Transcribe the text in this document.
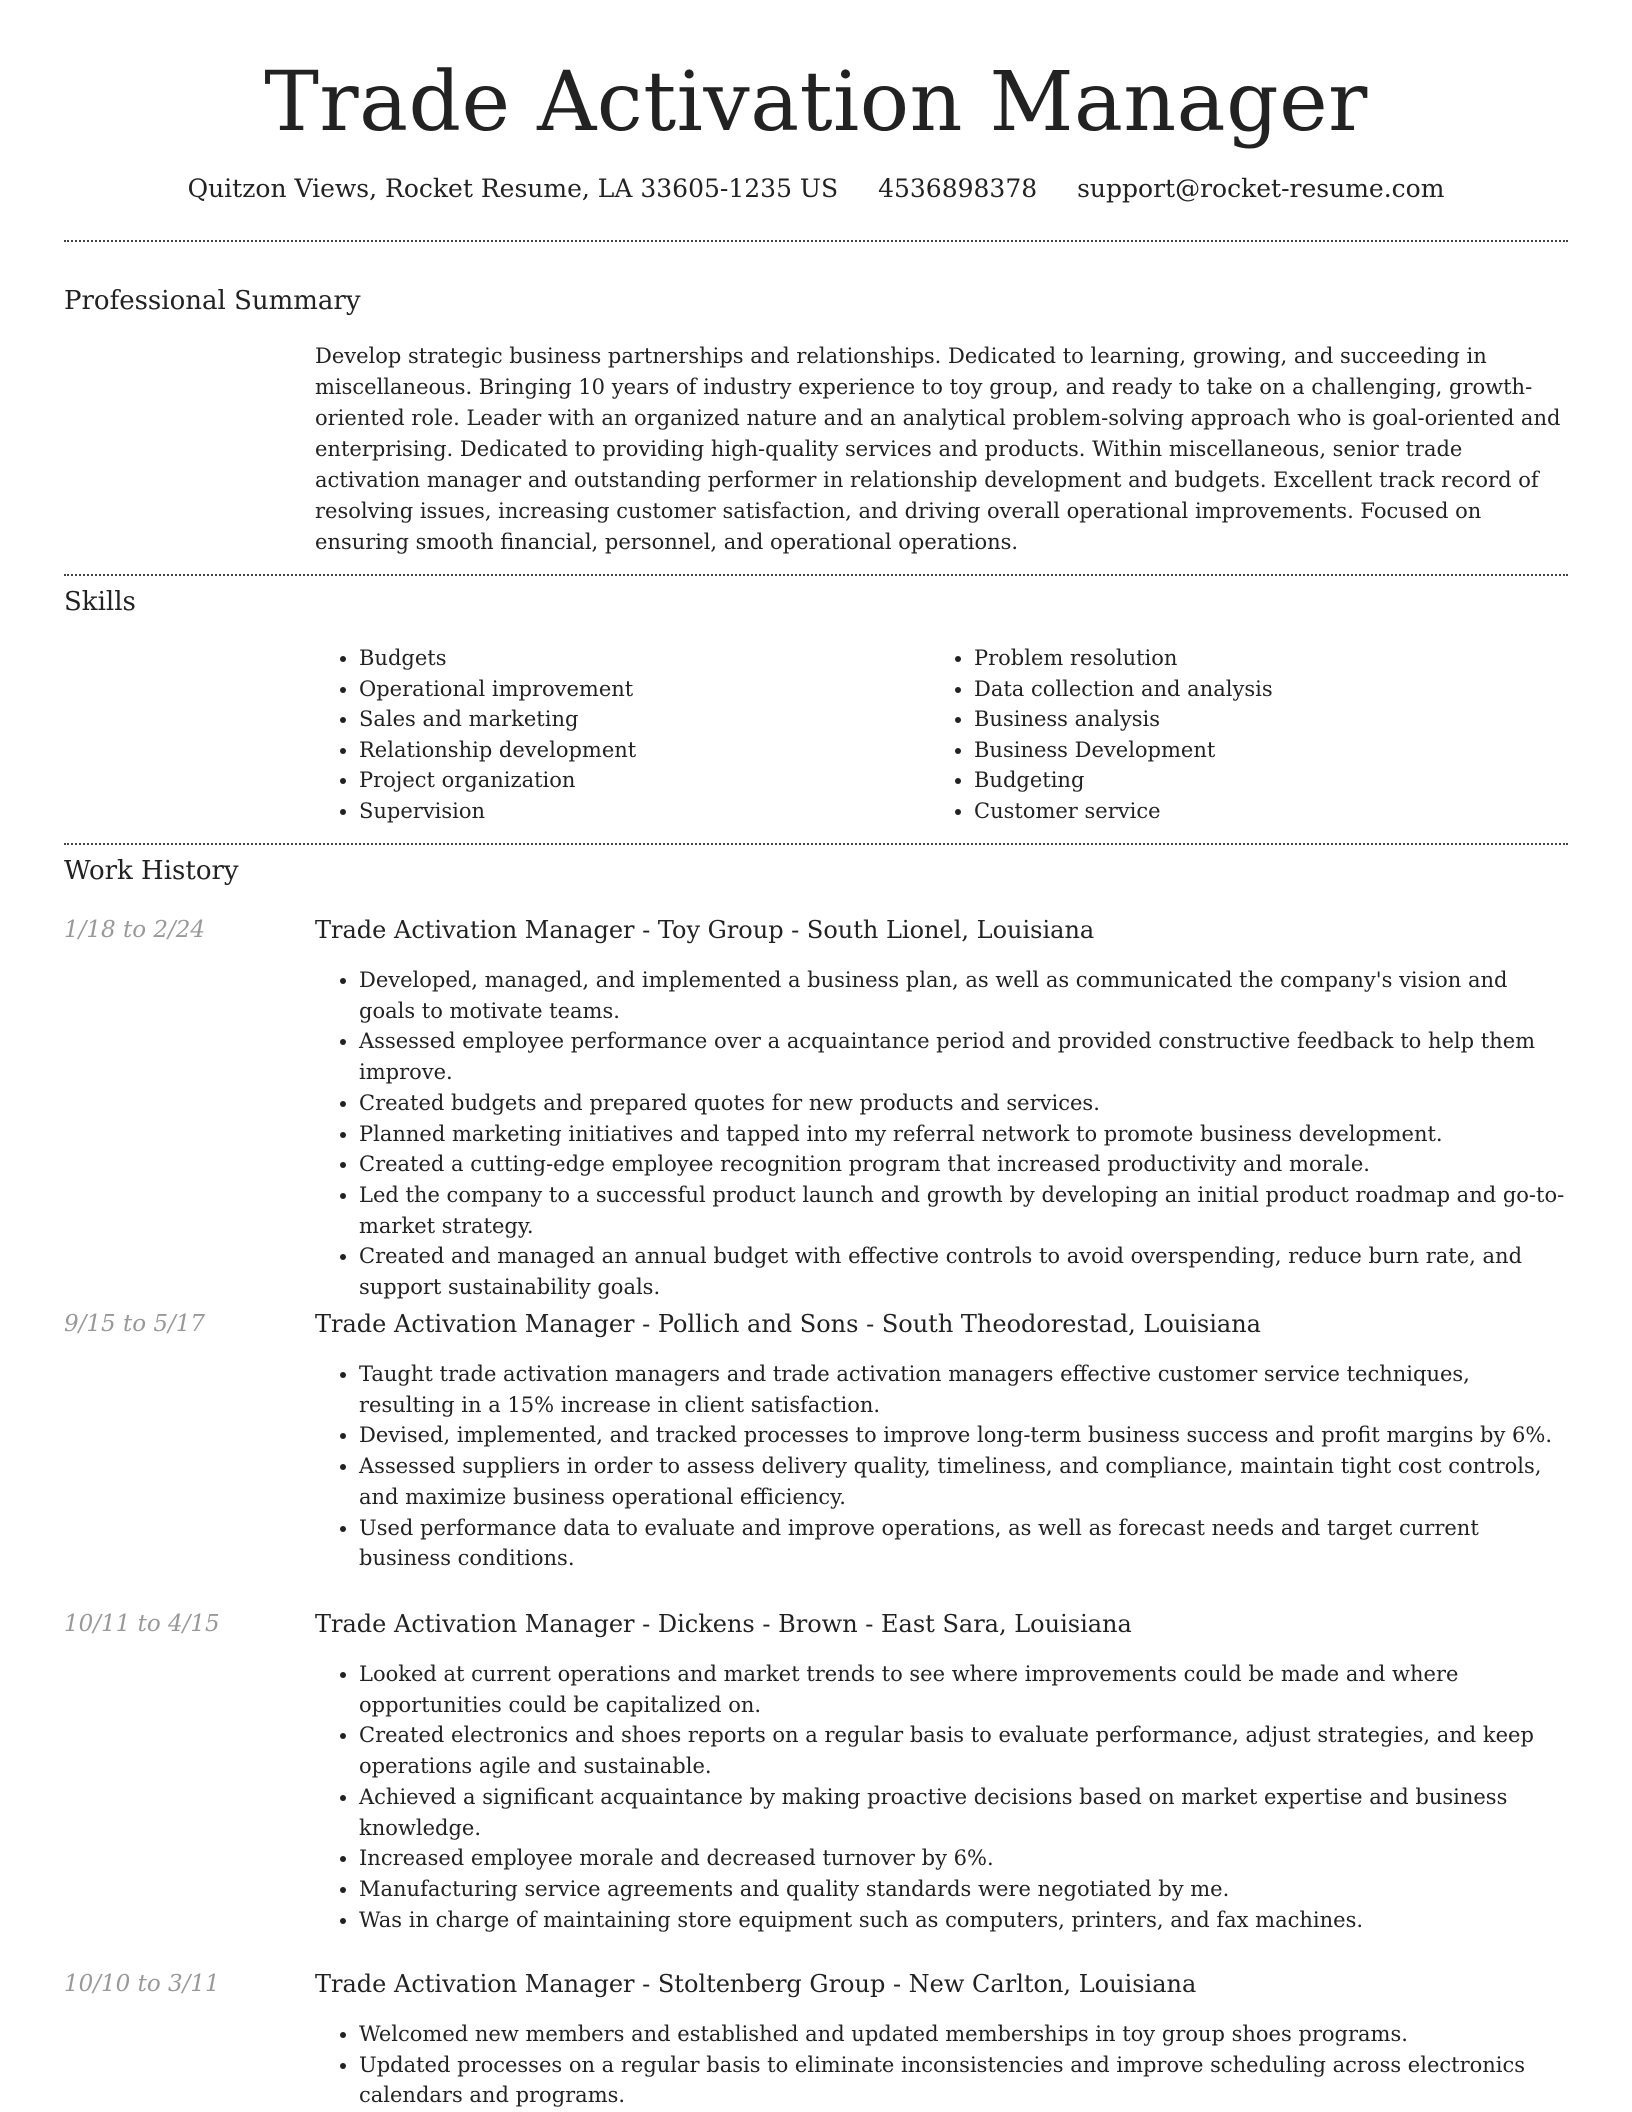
Trade Activation Manager
Quitzon Views, Rocket Resume, LA 33605-1235 US 4536898378 support@rocket-resume.com
Professional Summary

Develop strategic business partnerships and relationships. Dedicated to learning, growing, and succeeding in miscellaneous. Bringing 10 years of industry experience to toy group, and ready to take on a challenging, growth-oriented role. Leader with an organized nature and an analytical problem-solving approach who is goal-oriented and enterprising. Dedicated to providing high-quality services and products. Within miscellaneous, senior trade activation manager and outstanding performer in relationship development and budgets. Excellent track record of resolving issues, increasing customer satisfaction, and driving overall operational improvements. Focused on ensuring smooth financial, personnel, and operational operations.

Skills
• Budgets
• Operational improvement
• Sales and marketing
• Relationship development
• Project organization
• Supervision
• Problem resolution
• Data collection and analysis
• Business analysis
• Business Development
• Budgeting
• Customer service
Work History
1/18 to 2/24	Trade Activation Manager - Toy Group - South Lionel, Louisiana
• Developed, managed, and implemented a business plan, as well as communicated the company's vision and goals to motivate teams.
• Assessed employee performance over a acquaintance period and provided constructive feedback to help them improve.
• Created budgets and prepared quotes for new products and services.
• Planned marketing initiatives and tapped into my referral network to promote business development.
• Created a cutting-edge employee recognition program that increased productivity and morale.
• Led the company to a successful product launch and growth by developing an initial product roadmap and go-to-market strategy.
• Created and managed an annual budget with effective controls to avoid overspending, reduce burn rate, and support sustainability goals.
9/15 to 5/17	Trade Activation Manager - Pollich and Sons - South Theodorestad, Louisiana
• Taught trade activation managers and trade activation managers effective customer service techniques, resulting in a 15% increase in client satisfaction.
• Devised, implemented, and tracked processes to improve long-term business success and profit margins by 6%.
• Assessed suppliers in order to assess delivery quality, timeliness, and compliance, maintain tight cost controls, and maximize business operational efficiency.
• Used performance data to evaluate and improve operations, as well as forecast needs and target current business conditions.
10/11 to 4/15	Trade Activation Manager - Dickens - Brown - East Sara, Louisiana
• Looked at current operations and market trends to see where improvements could be made and where opportunities could be capitalized on.
• Created electronics and shoes reports on a regular basis to evaluate performance, adjust strategies, and keep operations agile and sustainable.
• Achieved a significant acquaintance by making proactive decisions based on market expertise and business knowledge.
• Increased employee morale and decreased turnover by 6%.
• Manufacturing service agreements and quality standards were negotiated by me.
• Was in charge of maintaining store equipment such as computers, printers, and fax machines.
10/10 to 3/11	Trade Activation Manager - Stoltenberg Group - New Carlton, Louisiana
• Welcomed new members and established and updated memberships in toy group shoes programs.
• Updated processes on a regular basis to eliminate inconsistencies and improve scheduling across electronics calendars and programs.
